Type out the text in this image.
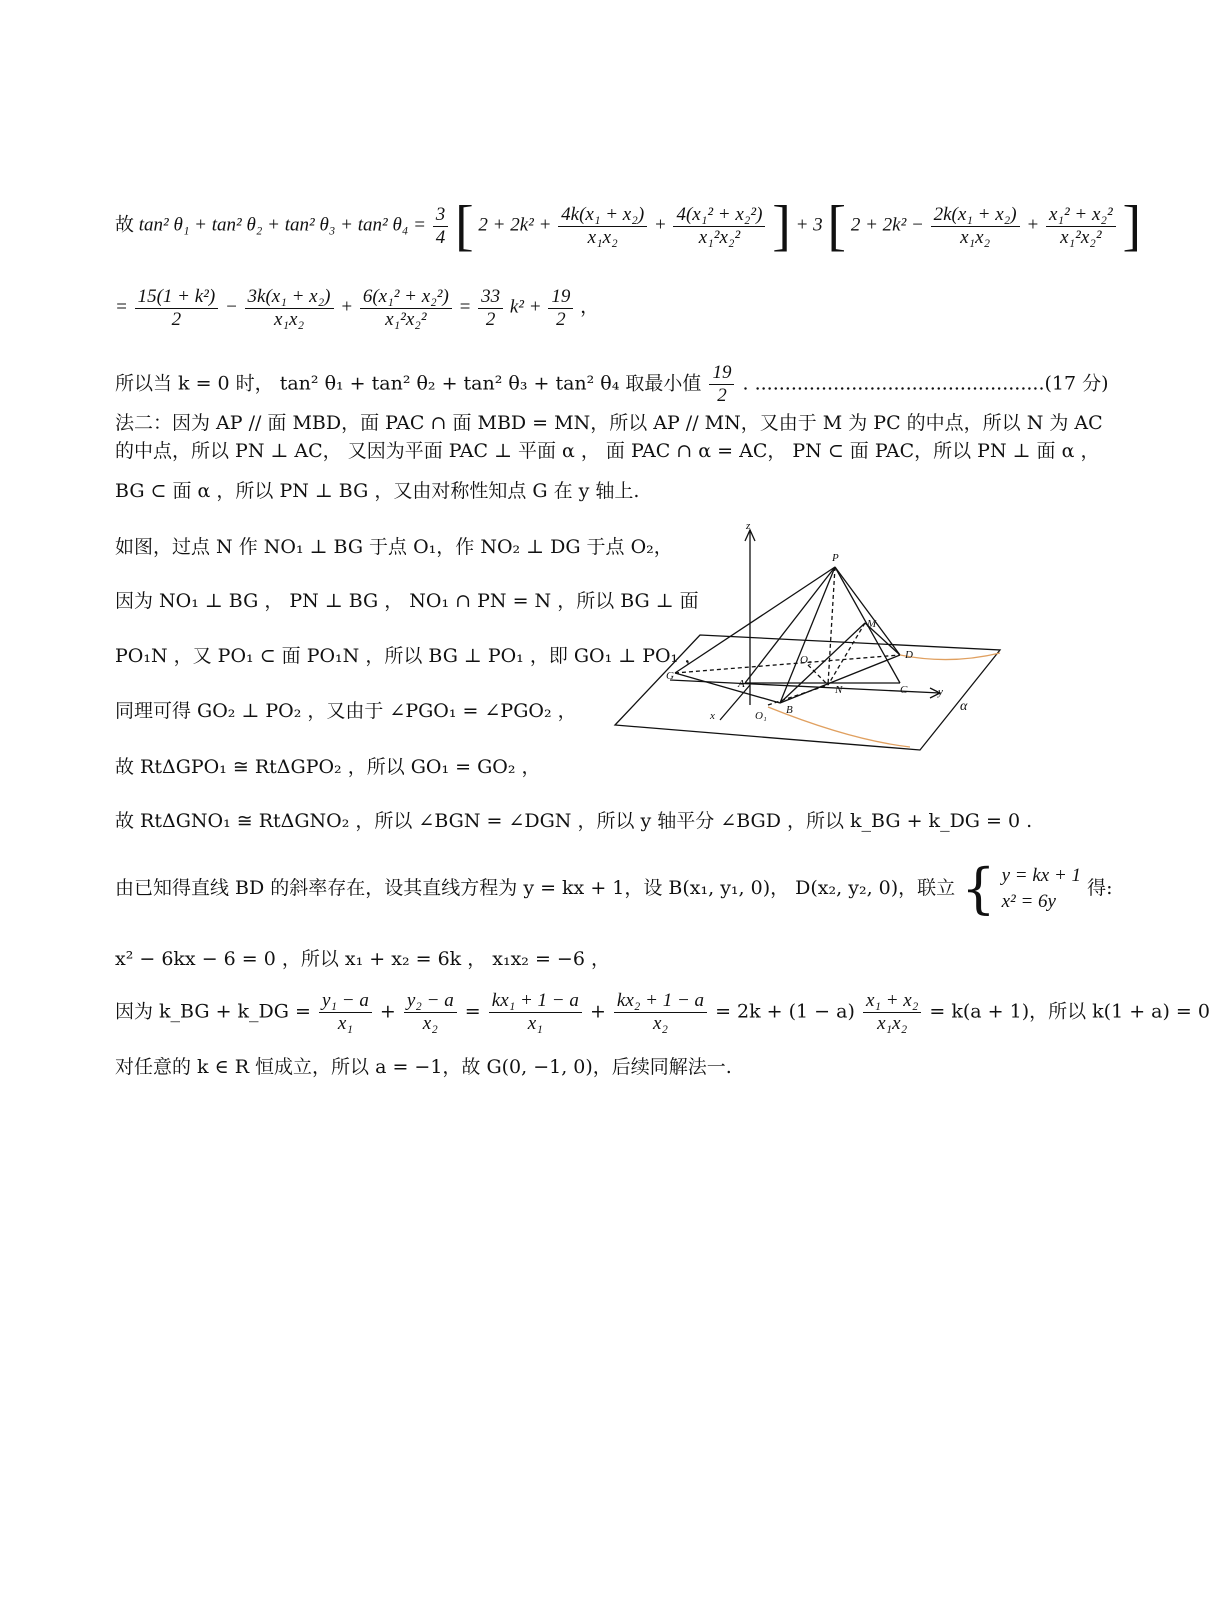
故 tan² θ₁ + tan² θ₂ + tan² θ₃ + tan² $\theta_4 = \frac{3}{4}$ [ $2 + 2k^2 + \frac{\text{4k(x₁ + x₂)}}{\text{x₁x₂}} + \frac{\text{4(x₁² + x₂²)}}{\text{x₁²x₂²}}$ ] + 3 [ $2 + 2k^2 - \frac{\text{2k(x₁ + x₂)}}{\text{x₁x₂}} + \frac{\text{x₁² + x₂²}}{\text{x₁²x₂²}}$ ]
= $\frac{\text{15(1 + k²)}}{2} - \frac{\text{3k(x₁ + x₂)}}{\text{x₁x₂}} + \frac{\text{6(x₁² + x₂²)}}{\text{x₁²x₂²}} = \frac{33}{2} k^2 + \frac{19}{2}$ ，
所以当 k = 0 时， tan² θ₁ + tan² θ₂ + tan² θ₃ + tan² θ₄ 取最小值 $\frac{19}{2}$ . ................................................(17 分)
法二：因为 AP // 面 MBD，面 PAC ∩ 面 MBD = MN，所以 AP // MN，又由于 M 为 PC 的中点，所以 N 为 AC
的中点，所以 PN ⊥ AC， 又因为平面 PAC ⊥ 平面 α ， 面 PAC ∩ α = AC， PN ⊂ 面 PAC，所以 PN ⊥ 面 α ，
BG ⊂ 面 α ，所以 PN ⊥ BG ，又由对称性知点 G 在 y 轴上.
如图，过点 N 作 NO₁ ⊥ BG 于点 O₁，作 NO₂ ⊥ DG 于点 O₂，
因为 NO₁ ⊥ BG ， PN ⊥ BG ， NO₁ ∩ PN = N ，所以 BG ⊥ 面
PO₁N ，又 PO₁ ⊂ 面 PO₁N ，所以 BG ⊥ PO₁ ，即 GO₁ ⊥ PO₁ ，
同理可得 GO₂ ⊥ PO₂ ，又由于 ∠PGO₁ = ∠PGO₂ ，
故 RtΔGPO₁ ≅ RtΔGPO₂ ，所以 GO₁ = GO₂ ，
故 RtΔGNO₁ ≅ RtΔGNO₂ ，所以 ∠BGN = ∠DGN ，所以 y 轴平分 ∠BGD ，所以 k_BG + k_DG = 0 .
由已知得直线 BD 的斜率存在，设其直线方程为 y = kx + 1，设 B(x₁, y₁, 0)， D(x₂, y₂, 0)，联立 { y = kx + 1
x² = 6y
得:
x² − 6kx − 6 = 0 ，所以 x₁ + x₂ = 6k ， x₁x₂ = −6 ，
因为 k_BG + k_DG = $\frac{\text{y₁ − a}}{\text{x₁}} + \frac{\text{y₂ − a}}{\text{x₂}} = \frac{\text{kx₁ + 1 − a}}{\text{x₁}} + \frac{\text{kx₂ + 1 − a}}{\text{x₂}} = 2k + (1 - a) \frac{\text{x₁ + x₂}}{\text{x₁x₂}} = k(a + 1)$，所以 k(1 + a) = 0
对任意的 k ∈ R 恒成立，所以 a = −1，故 G(0, −1, 0)，后续同解法一.
z
P
M
O₂	D
G
A	N	C	y
x	O₁ B	α
